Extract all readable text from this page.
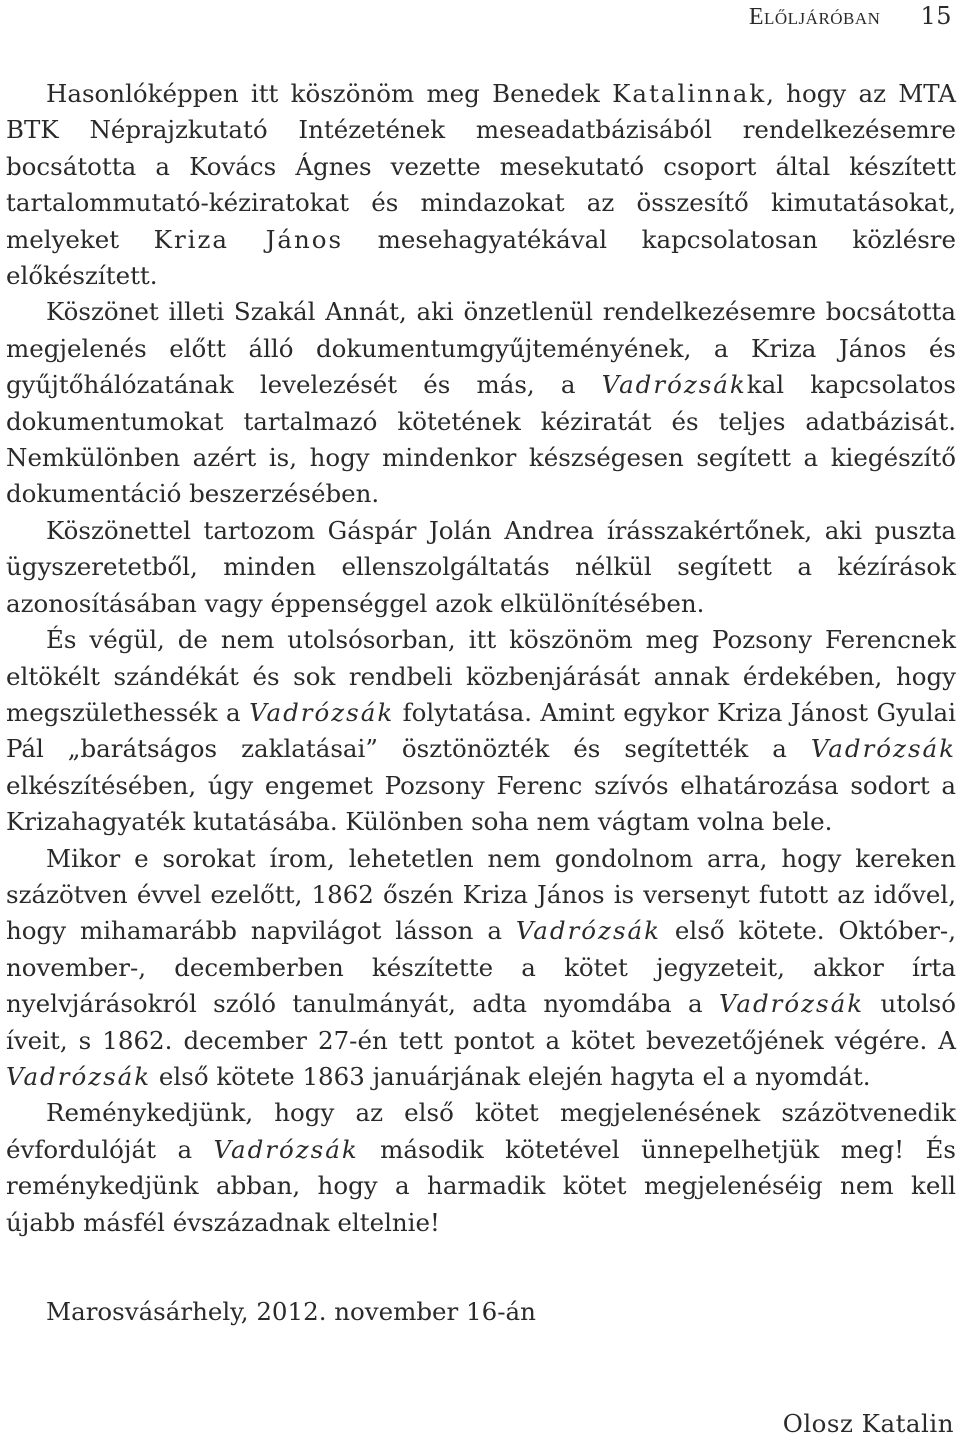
Előljáróban 15

Hasonlóképpen itt köszönöm meg Benedek Katalinnak, hogy az MTA BTK Néprajzkutató Intézetének meseadatbázisából rendelkezésemre bocsátotta a Kovács Ágnes vezette mesekutató csoport által készített tartalommutató-kéziratokat és mindazokat az összesítő kimutatásokat, melyeket Kriza János mesehagyatékával kapcsolatosan közlésre előkészített.

Köszönet illeti Szakál Annát, aki önzetlenül rendelkezésemre bocsátotta megjelenés előtt álló dokumentumgyűjteményének, a Kriza János és gyűjtőhálózatának levelezését és más, a Vadrózsákkal kapcsolatos dokumentumokat tartalmazó kötetének kéziratát és teljes adatbázisát. Nemkülönben azért is, hogy mindenkor készségesen segített a kiegészítő dokumentáció beszerzésében.

Köszönettel tartozom Gáspár Jolán Andrea írásszakértőnek, aki puszta ügyszeretetből, minden ellenszolgáltatás nélkül segített a kézírások azonosításában vagy éppenséggel azok elkülönítésében.

És végül, de nem utolsósorban, itt köszönöm meg Pozsony Ferencnek eltökélt szándékát és sok rendbeli közbenjárását annak érdekében, hogy megszülethessék a Vadrózsák folytatása. Amint egykor Kriza Jánost Gyulai Pál „barátságos zaklatásai” ösztönözték és segítették a Vadrózsák elkészítésében, úgy engemet Pozsony Ferenc szívós elhatározása sodort a Krizahagyaték kutatásába. Különben soha nem vágtam volna bele.

Mikor e sorokat írom, lehetetlen nem gondolnom arra, hogy kereken százötven évvel ezelőtt, 1862 őszén Kriza János is versenyt futott az idővel, hogy mihamarább napvilágot lásson a Vadrózsák első kötete. Október-, november-, decemberben készítette a kötet jegyzeteit, akkor írta nyelvjárásokról szóló tanulmányát, adta nyomdába a Vadrózsák utolsó íveit, s 1862. december 27-én tett pontot a kötet bevezetőjének végére. A Vadrózsák első kötete 1863 januárjának elején hagyta el a nyomdát.

Reménykedjünk, hogy az első kötet megjelenésének százötvenedik évfordulóját a Vadrózsák második kötetével ünnepelhetjük meg! És reménykedjünk abban, hogy a harmadik kötet megjelenéséig nem kell újabb másfél évszázadnak eltelnie!

Marosvásárhely, 2012. november 16-án
Olosz Katalin
